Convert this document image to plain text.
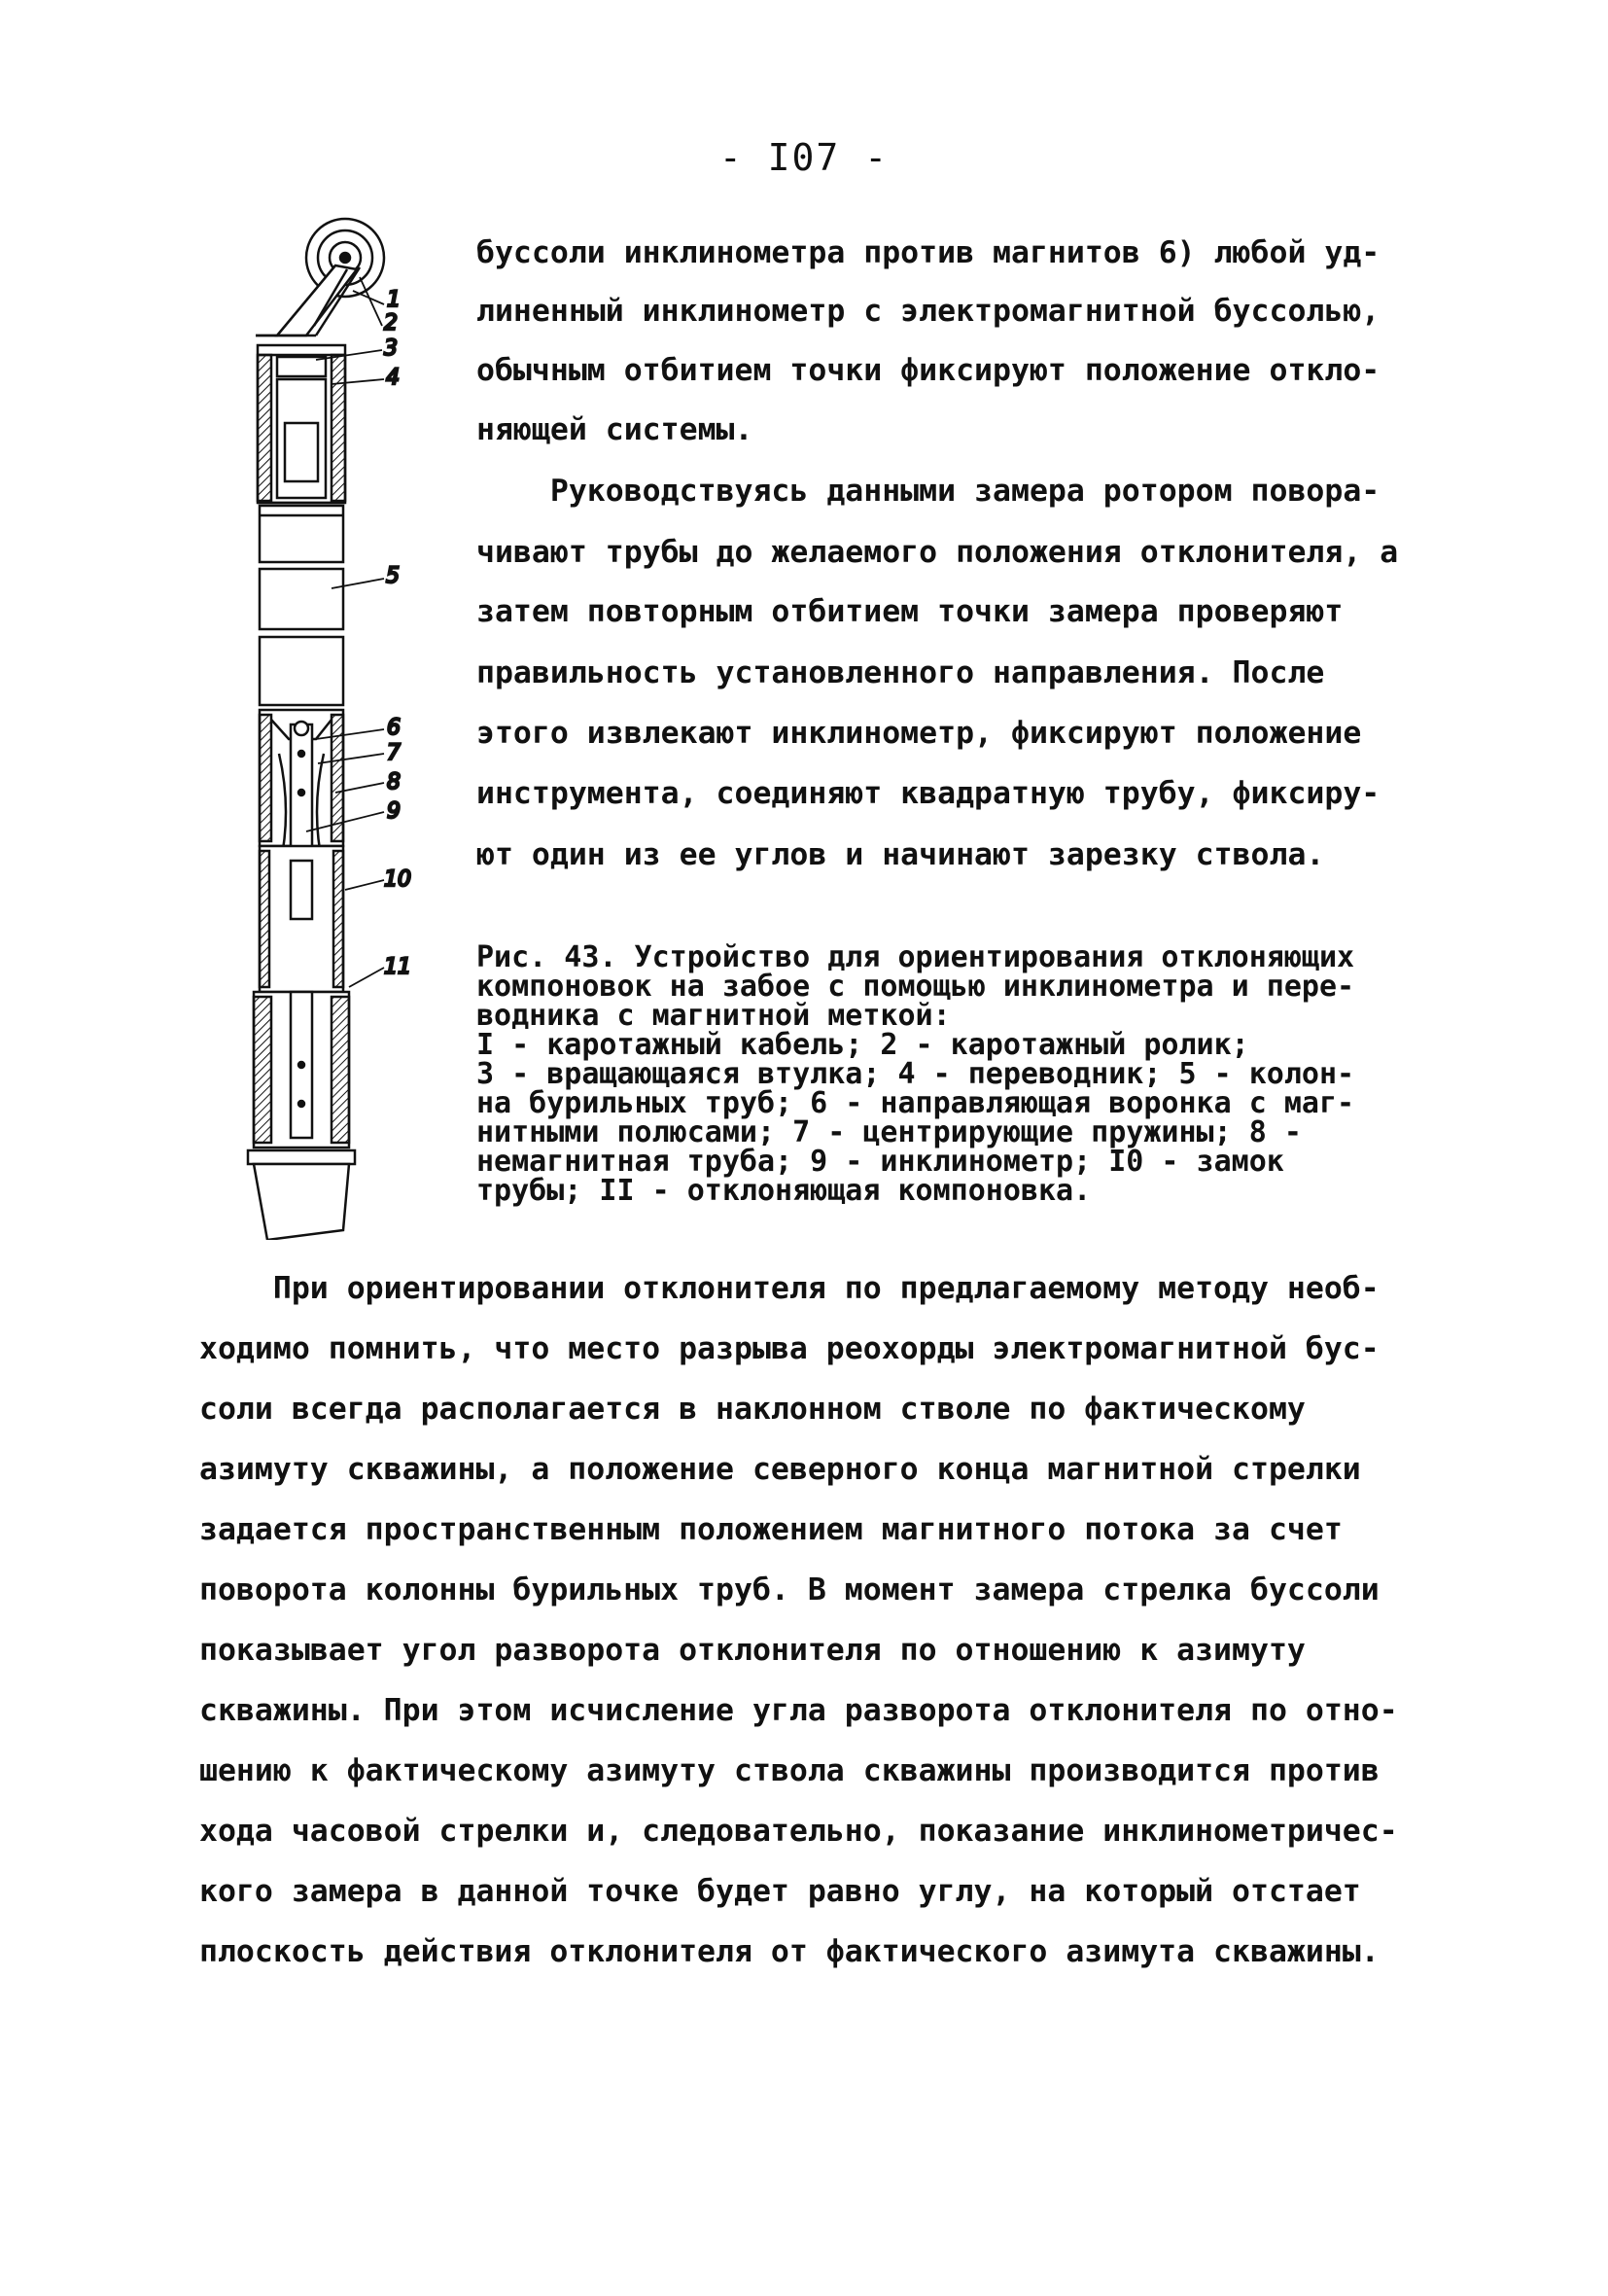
- I07 -
1
2
3
4
5
6
7
8
9
10
11
буссоли инклинометра против магнитов 6) любой уд-
линенный инклинометр с электромагнитной буссолью,
обычным отбитием точки фиксируют положение откло-
няющей системы.
Руководствуясь данными замера ротором повора-
чивают трубы до желаемого положения отклонителя, а
затем повторным отбитием точки замера проверяют
правильность установленного направления. После
этого извлекают инклинометр, фиксируют положение
инструмента, соединяют квадратную трубу, фиксиру-
ют один из ее углов и начинают зарезку ствола.
Рис. 43. Устройство для ориентирования отклоняющих
компоновок на забое с помощью инклинометра и пере-
водника с магнитной меткой:
I - каротажный кабель; 2 - каротажный ролик;
3 - вращающаяся втулка; 4 - переводник; 5 - колон-
на бурильных труб; 6 - направляющая воронка с маг-
нитными полюсами; 7 - центрирующие пружины; 8 -
немагнитная труба; 9 - инклинометр; I0 - замок
трубы; II - отклоняющая компоновка.
При ориентировании отклонителя по предлагаемому методу необ-
ходимо помнить, что место разрыва реохорды электромагнитной бус-
соли всегда располагается в наклонном стволе по фактическому
азимуту скважины, а положение северного конца магнитной стрелки
задается пространственным положением магнитного потока за счет
поворота колонны бурильных труб. В момент замера стрелка буссоли
показывает угол разворота отклонителя по отношению к азимуту
скважины. При этом исчисление угла разворота отклонителя по отно-
шению к фактическому азимуту ствола скважины производится против
хода часовой стрелки и, следовательно, показание инклинометричес-
кого замера в данной точке будет равно углу, на который отстает
плоскость действия отклонителя от фактического азимута скважины.
